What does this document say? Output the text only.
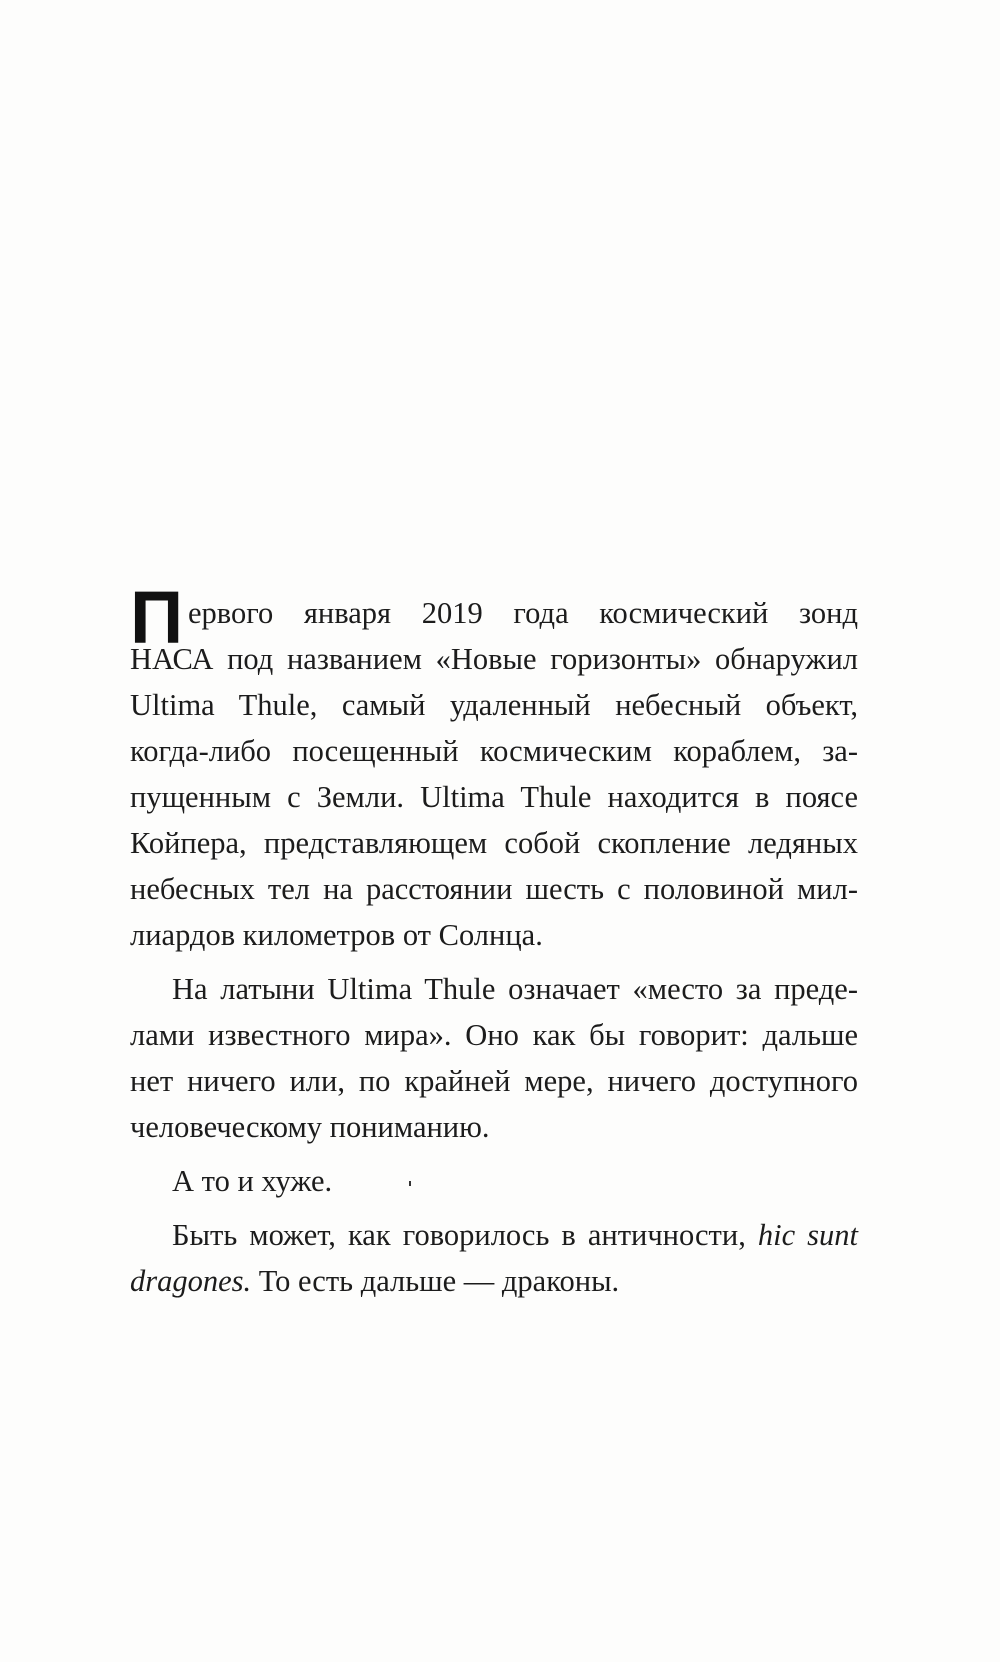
П ервого января 2019 года космический зонд
НАСА под названием «Новые горизонты» обнаружил
Ultima Thule, самый удаленный небесный объект,
когда-либо посещенный космическим кораблем, за-
пущенным с Земли. Ultima Thule находится в поясе
Койпера, представляющем собой скопление ледяных
небесных тел на расстоянии шесть с половиной мил-
лиардов километров от Солнца.
На латыни Ultima Thule означает «место за преде-
лами известного мира». Оно как бы говорит: дальше
нет ничего или, по крайней мере, ничего доступного
человеческому пониманию.
А то и хуже.
Быть может, как говорилось в античности, hic sunt
dragones. То есть дальше — драконы.
